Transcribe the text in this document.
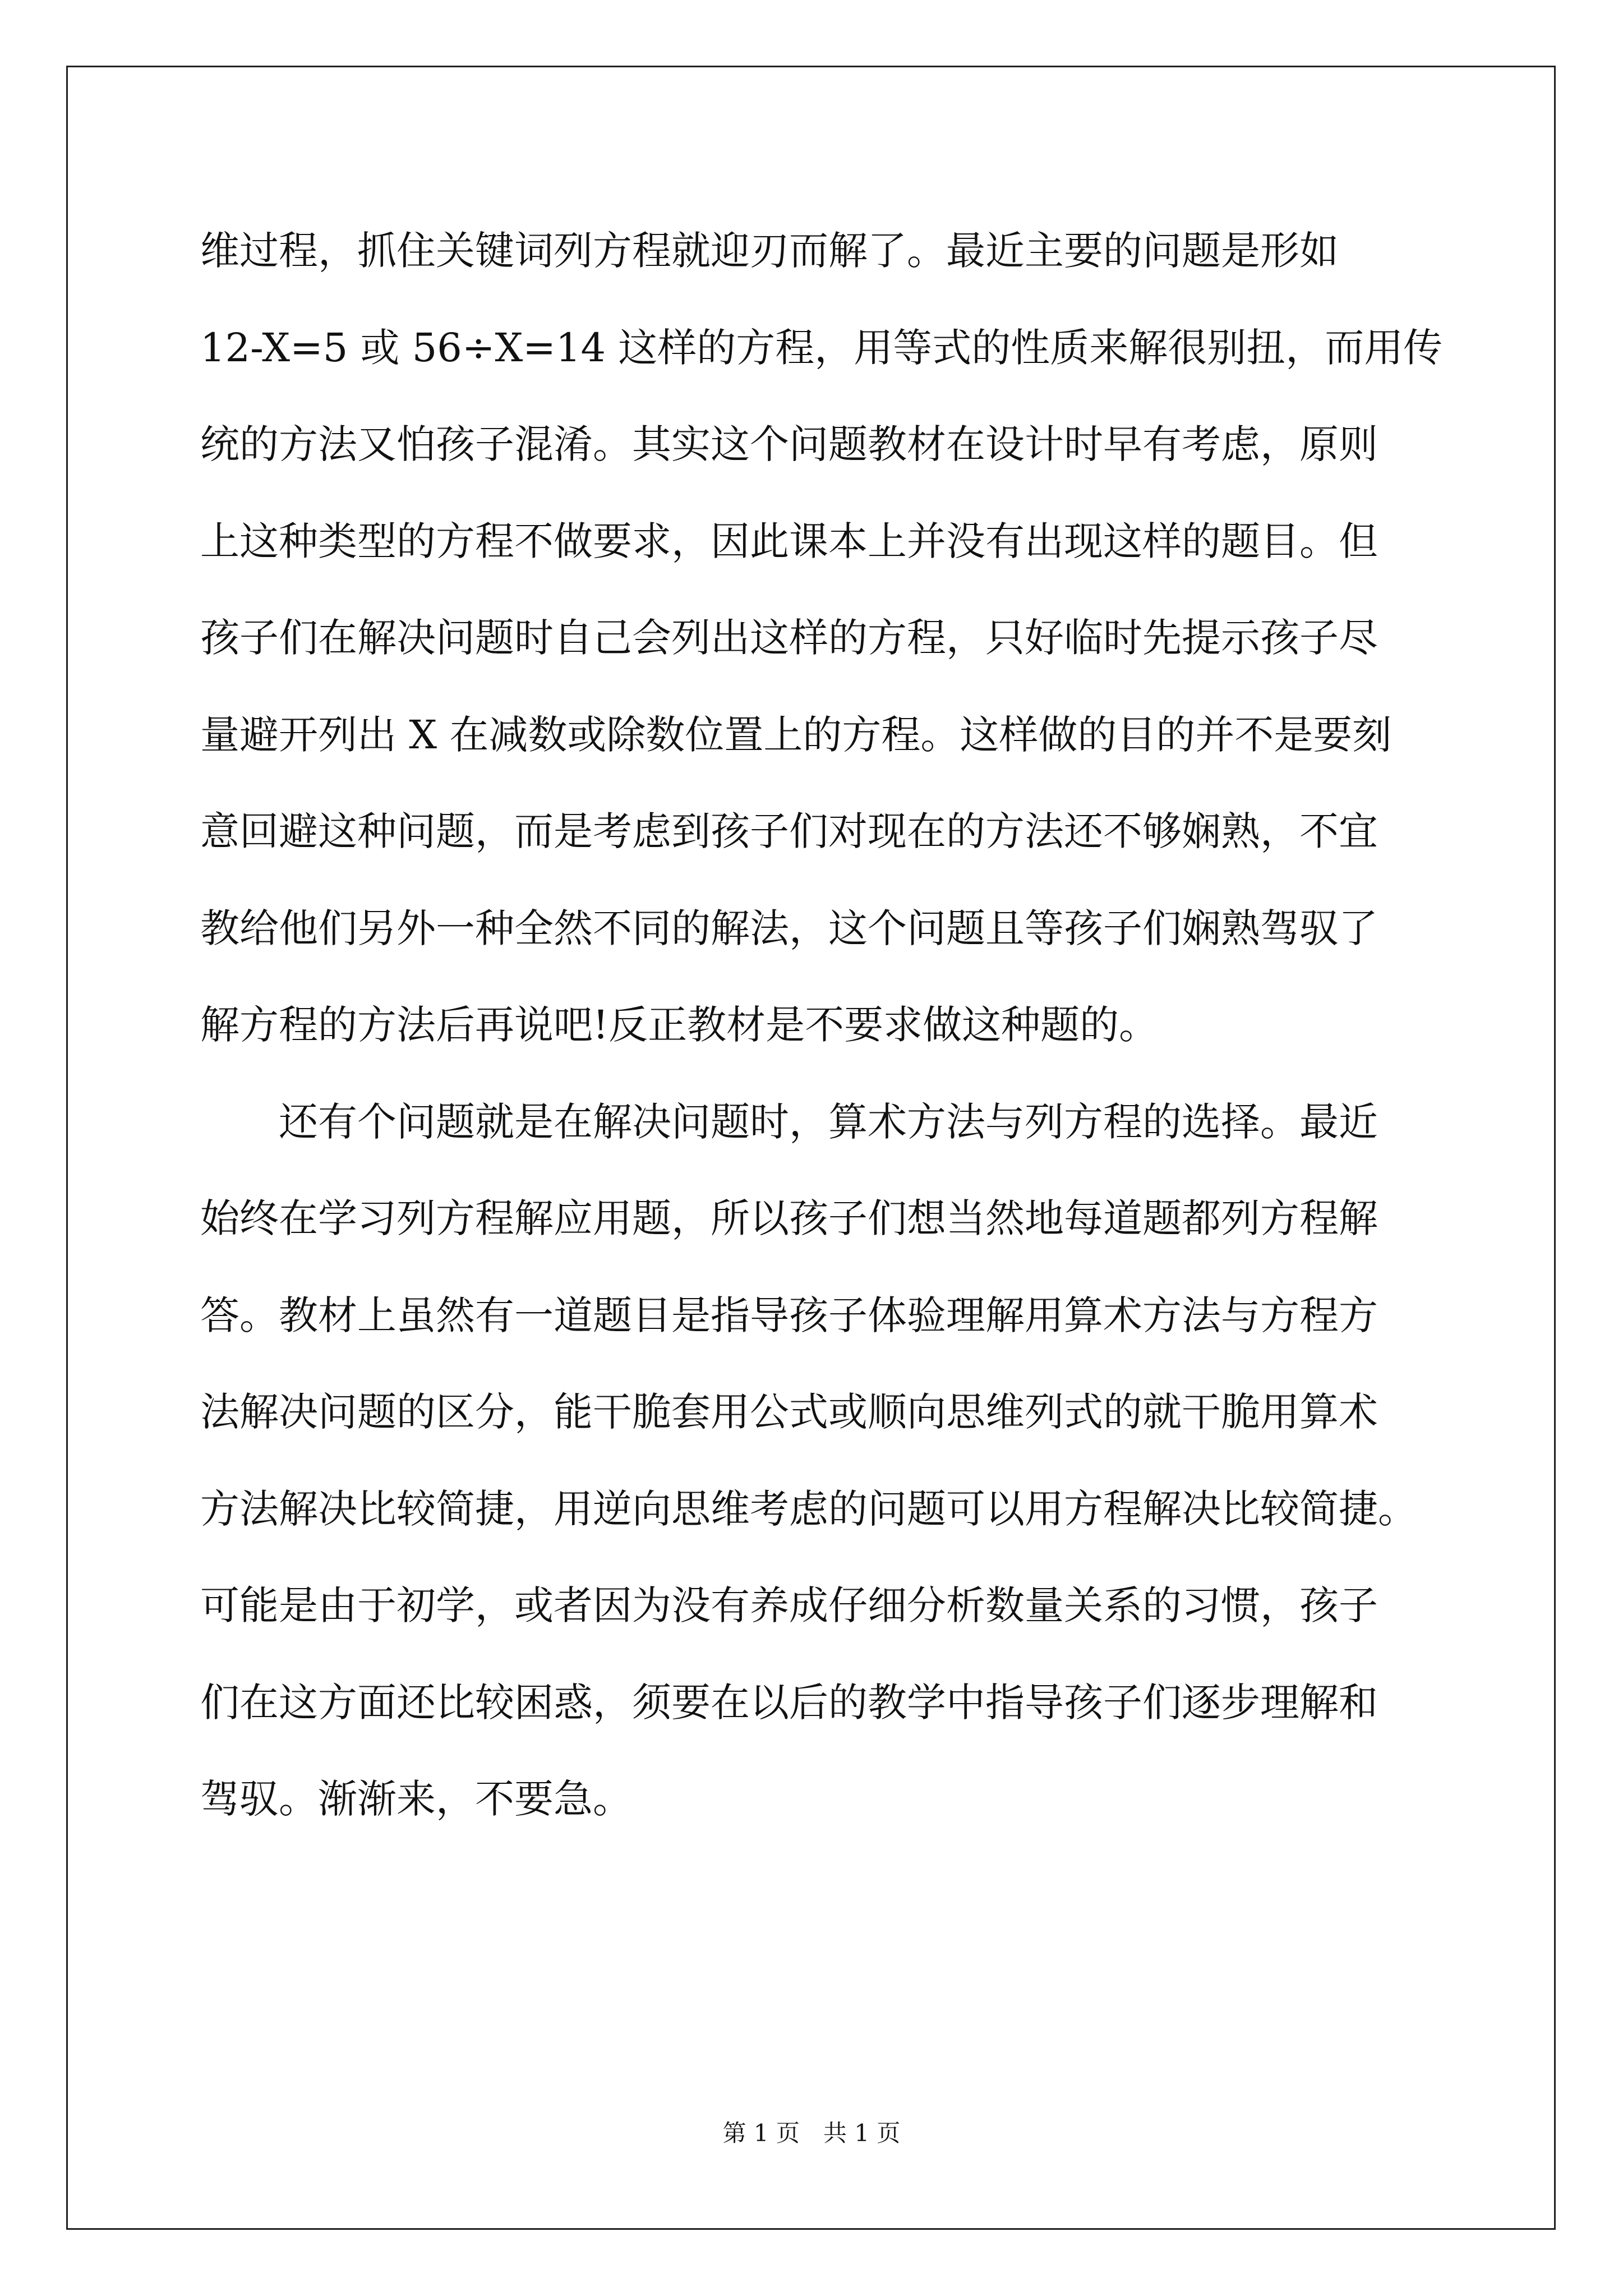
维过程，抓住关键词列方程就迎刃而解了。最近主要的问题是形如
12-X=5 或 56÷X=14 这样的方程，用等式的性质来解很别扭，而用传
统的方法又怕孩子混淆。其实这个问题教材在设计时早有考虑，原则
上这种类型的方程不做要求，因此课本上并没有出现这样的题目。但
孩子们在解决问题时自己会列出这样的方程，只好临时先提示孩子尽
量避开列出 X 在减数或除数位置上的方程。这样做的目的并不是要刻
意回避这种问题，而是考虑到孩子们对现在的方法还不够娴熟，不宜
教给他们另外一种全然不同的解法，这个问题且等孩子们娴熟驾驭了
解方程的方法后再说吧!反正教材是不要求做这种题的。
还有个问题就是在解决问题时，算术方法与列方程的选择。最近
始终在学习列方程解应用题，所以孩子们想当然地每道题都列方程解
答。教材上虽然有一道题目是指导孩子体验理解用算术方法与方程方
法解决问题的区分，能干脆套用公式或顺向思维列式的就干脆用算术
方法解决比较简捷，用逆向思维考虑的问题可以用方程解决比较简捷。
可能是由于初学，或者因为没有养成仔细分析数量关系的习惯，孩子
们在这方面还比较困惑，须要在以后的教学中指导孩子们逐步理解和
驾驭。渐渐来，不要急。
第 1 页　共 1 页
